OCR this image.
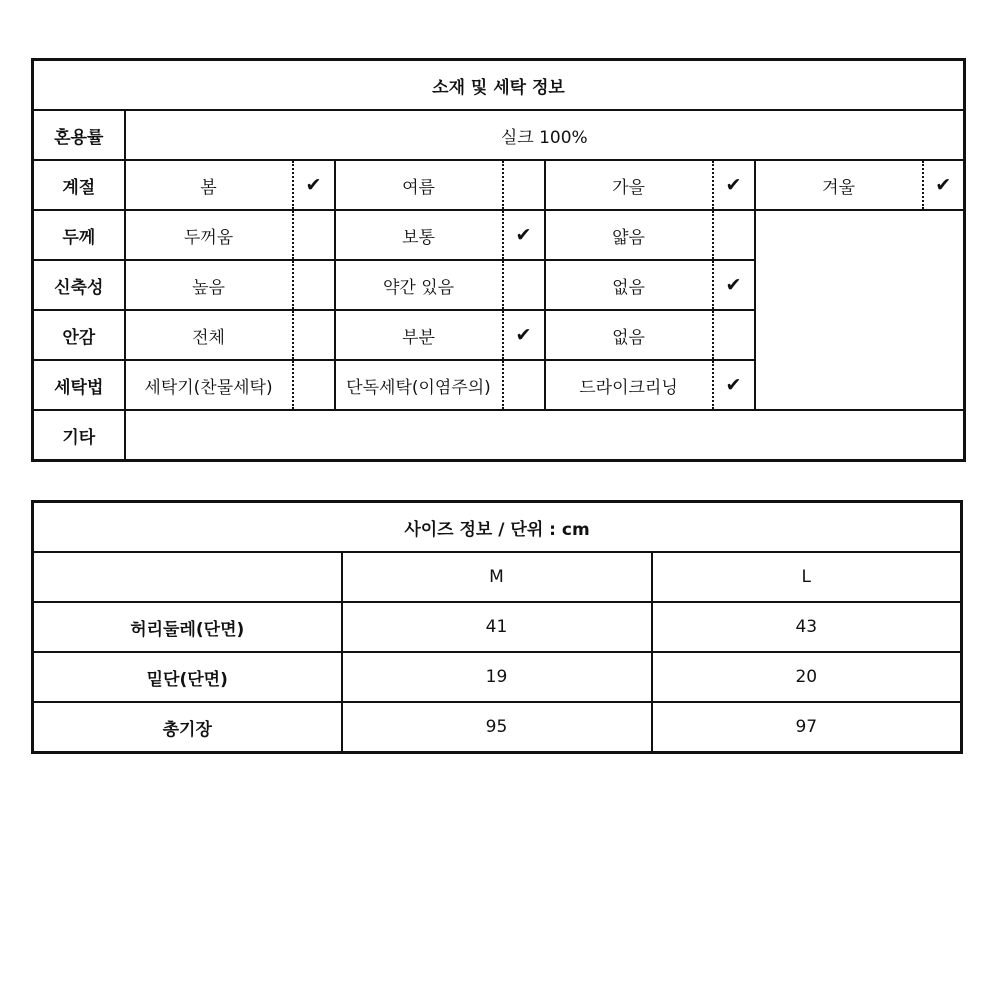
소재 및 세탁 정보								
혼용률	실크 100%							
계절	봄	✔	여름		가을	✔	겨울	✔
두께	두꺼움		보통	✔	얇음			
신축성	높음		약간 있음		없음	✔		
안감	전체		부분	✔	없음			
세탁법	세탁기(찬물세탁)		단독세탁(이염주의)		드라이크리닝	✔		
기타								
사이즈 정보 / 단위 : cm		
	M	L
허리둘레(단면)	41	43
밑단(단면)	19	20
총기장	95	97
